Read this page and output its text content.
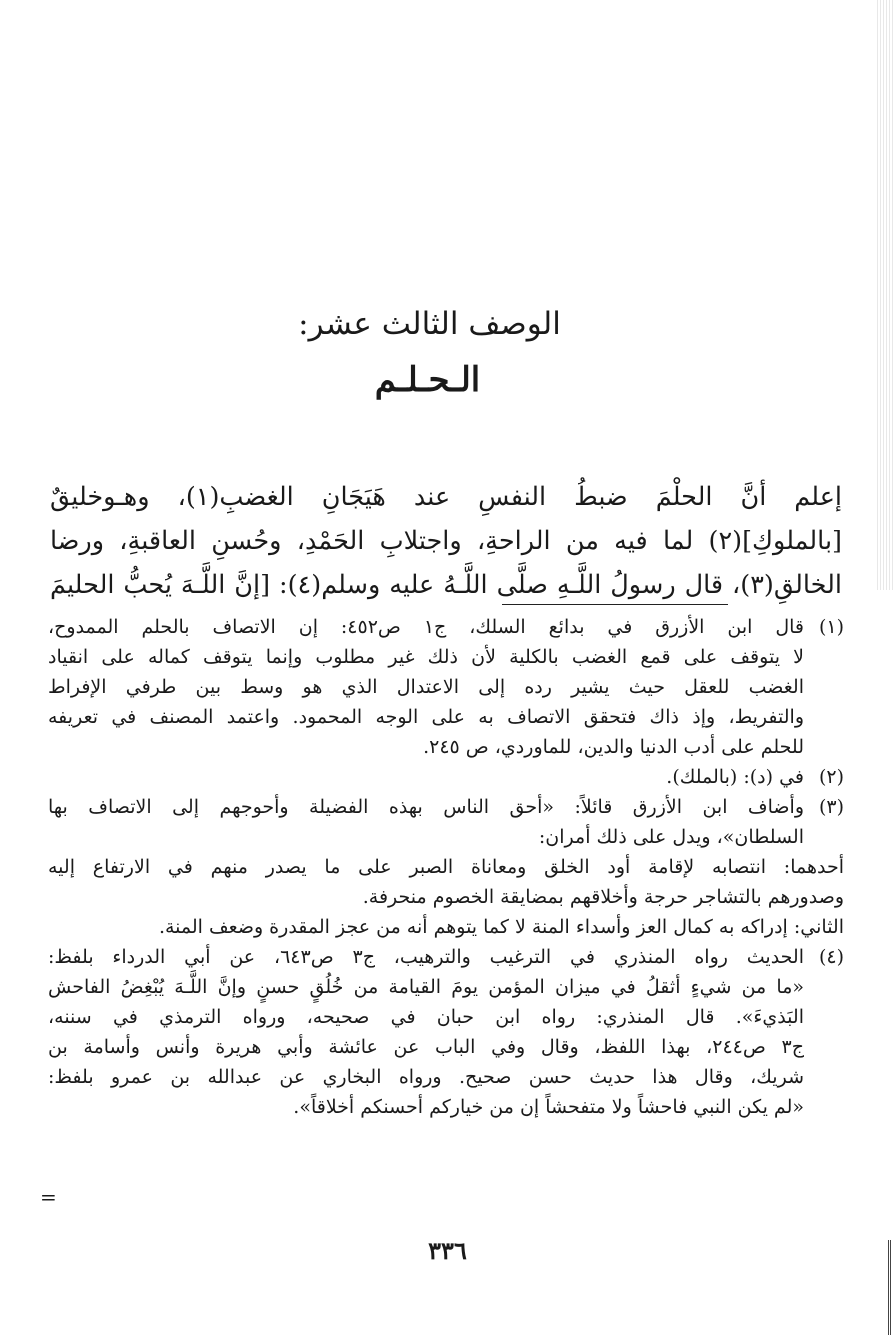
الوصف الثالث عشر:
الـحـلـم
إعلم أنَّ الحلْمَ ضبطُ النفسِ عند هَيَجَانِ الغضبِ(١)، وهـوخليقٌ
[بالملوكِ](٢) لما فيه من الراحةِ، واجتلابِ الحَمْدِ، وحُسنِ العاقبةِ، ورضا
الخالقِ(٣)، قال رسولُ اللَّـهِ صلَّى اللَّـهُ عليه وسلم(٤): [إنَّ اللَّـهَ يُحبُّ الحليمَ
(١)
قال ابن الأزرق في بدائع السلك، ج١ ص٤٥٢: إن الاتصاف بالحلم الممدوح،
لا يتوقف على قمع الغضب بالكلية لأن ذلك غير مطلوب وإنما يتوقف كماله على انقياد
الغضب للعقل حيث يشير رده إلى الاعتدال الذي هو وسط بين طرفي الإفراط
والتفريط، وإذ ذاك فتحقق الاتصاف به على الوجه المحمود. واعتمد المصنف في تعريفه
للحلم على أدب الدنيا والدين، للماوردي، ص ٢٤٥.
(٢)
في (د): (بالملك).
(٣)
وأضاف ابن الأزرق قائلاً: «أحق الناس بهذه الفضيلة وأحوجهم إلى الاتصاف بها
السلطان»، ويدل على ذلك أمران:
أحدهما: انتصابه لإقامة أود الخلق ومعاناة الصبر على ما يصدر منهم في الارتفاع إليه
وصدورهم بالتشاجر حرجة وأخلاقهم بمضايقة الخصوم منحرفة.
الثاني: إدراكه به كمال العز وأسداء المنة لا كما يتوهم أنه من عجز المقدرة وضعف المنة.
(٤)
الحديث رواه المنذري في الترغيب والترهيب، ج٣ ص٦٤٣، عن أبي الدرداء بلفظ:
«ما من شيءٍ أثقلُ في ميزان المؤمن يومَ القيامة من خُلُقٍ حسنٍ وإنَّ اللَّـهَ يُبْغِضُ الفاحش
البَذيءَ». قال المنذري: رواه ابن حبان في صحيحه، ورواه الترمذي في سننه،
ج٣ ص٢٤٤، بهذا اللفظ، وقال وفي الباب عن عائشة وأبي هريرة وأنس وأسامة بن
شريك، وقال هذا حديث حسن صحيح. ورواه البخاري عن عبدالله بن عمرو بلفظ:
«لم يكن النبي فاحشاً ولا متفحشاً إن من خياركم أحسنكم أخلاقاً».
=
٣٣٦
